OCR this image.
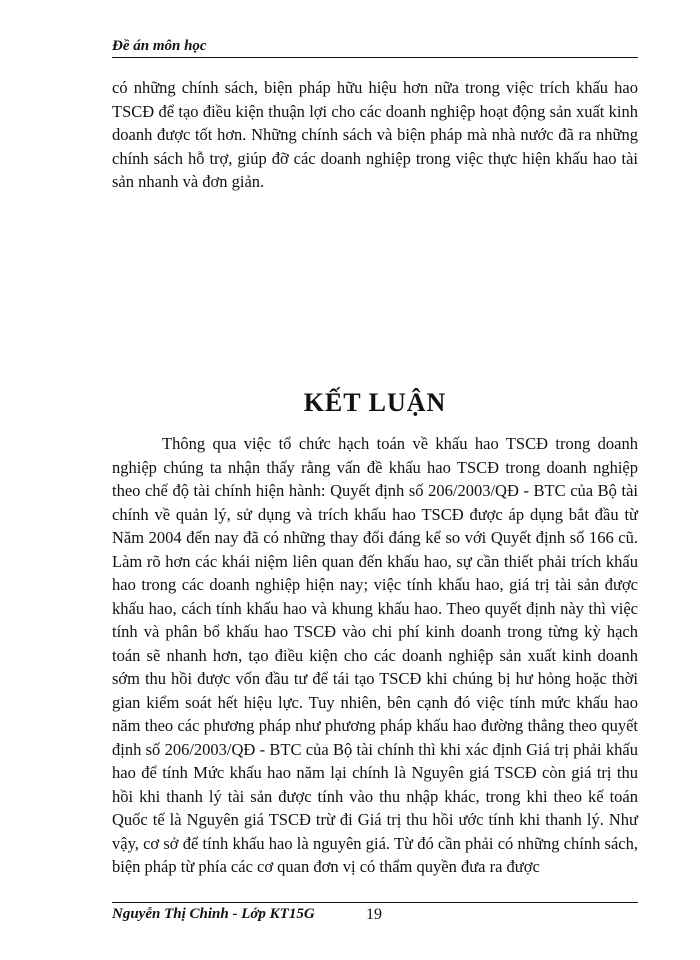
Đề án môn học

có những chính sách, biện pháp hữu hiệu hơn nữa trong việc trích khấu hao TSCĐ để tạo điều kiện thuận lợi cho các doanh nghiệp hoạt động sản xuất kinh doanh được tốt hơn. Những chính sách và biện pháp mà nhà nước đã ra những chính sách hỗ trợ, giúp đỡ các doanh nghiệp trong việc thực hiện khấu hao tài sản nhanh và đơn giản.

KẾT LUẬN

Thông qua việc tổ chức hạch toán về khấu hao TSCĐ trong doanh nghiệp chúng ta nhận thấy rằng vấn đề khấu hao TSCĐ trong doanh nghiệp theo chế độ tài chính hiện hành: Quyết định số 206/2003/QĐ - BTC của Bộ tài chính về quản lý, sử dụng và trích khấu hao TSCĐ được áp dụng bắt đầu từ Năm 2004 đến nay đã có những thay đổi đáng kể so với Quyết định số 166 cũ. Làm rõ hơn các khái niệm liên quan đến khấu hao, sự cần thiết phải trích khấu hao trong các doanh nghiệp hiện nay; việc tính khấu hao, giá trị tài sản được khấu hao, cách tính khấu hao và khung khấu hao. Theo quyết định này thì việc tính và phân bổ khấu hao TSCĐ vào chi phí kinh doanh trong từng kỳ hạch toán sẽ nhanh hơn, tạo điều kiện cho các doanh nghiệp sản xuất kinh doanh sớm thu hồi được vốn đầu tư để tái tạo TSCĐ khi chúng bị hư hỏng hoặc thời gian kiểm soát hết hiệu lực. Tuy nhiên, bên cạnh đó việc tính mức khấu hao năm theo các phương pháp như phương pháp khấu hao đường thẳng theo quyết định số 206/2003/QĐ - BTC của Bộ tài chính thì khi xác định Giá trị phải khấu hao để tính Mức khấu hao năm lại chính là Nguyên giá TSCĐ còn giá trị thu hồi khi thanh lý tài sản được tính vào thu nhập khác, trong khi theo kế toán Quốc tế là Nguyên giá TSCĐ trừ đi Giá trị thu hồi ước tính khi thanh lý. Như vậy, cơ sở để tính khấu hao là nguyên giá. Từ đó cần phải có những chính sách, biện pháp từ phía các cơ quan đơn vị có thẩm quyền đưa ra được

Nguyễn Thị Chinh - Lớp KT15G	19
